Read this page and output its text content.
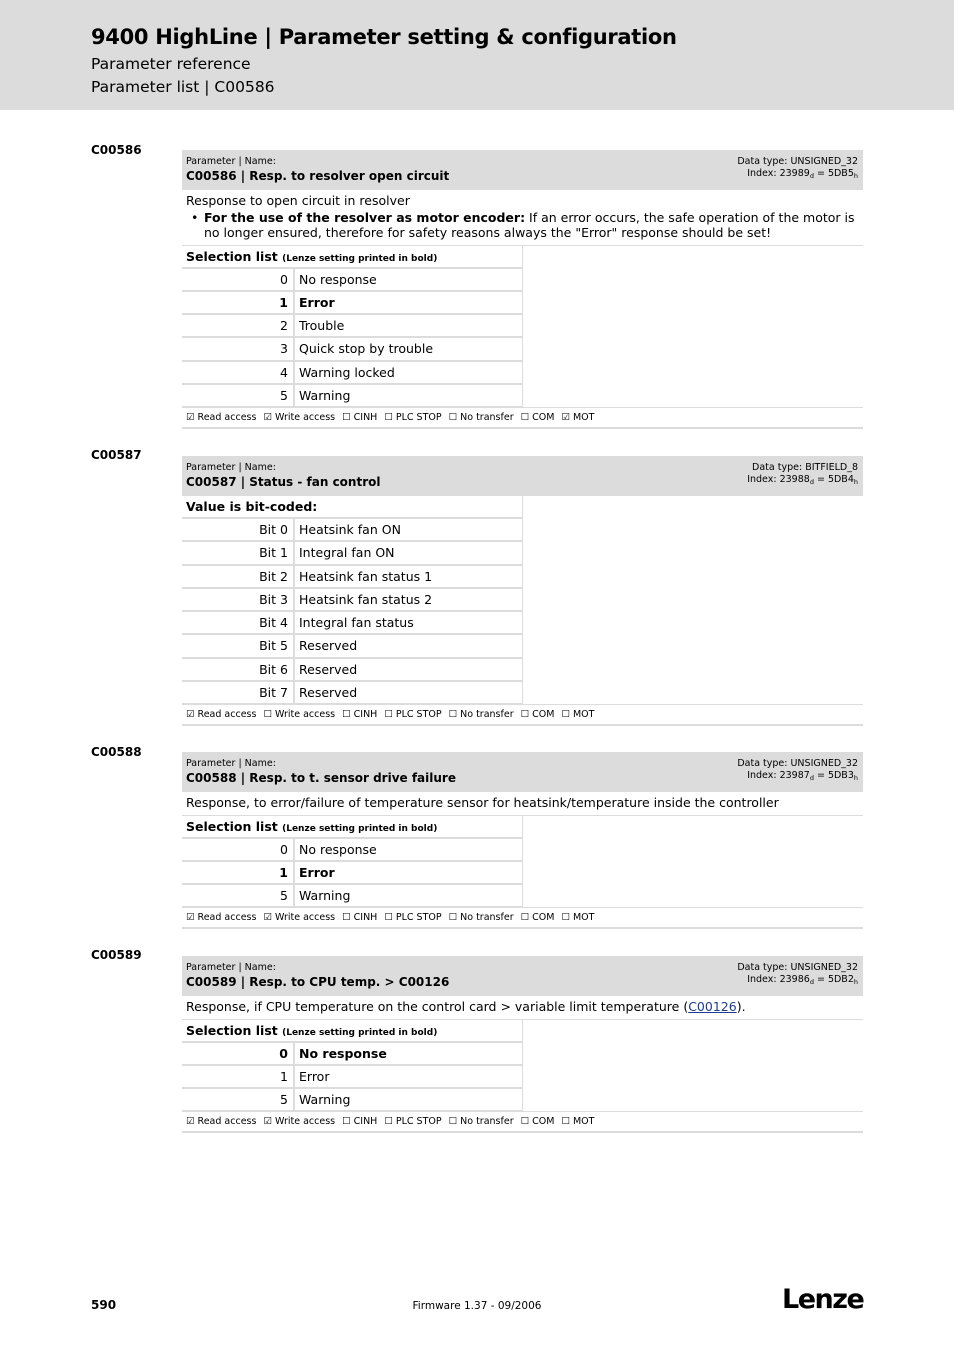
9400 HighLine | Parameter setting & configuration
Parameter reference
Parameter list | C00586
C00586
Parameter | Name:
C00586 | Resp. to resolver open circuit
Data type: UNSIGNED_32
Index: $23989_d = 5DB5_h$
Response to open circuit in resolver
• For the use of the resolver as motor encoder: If an error occurs, the safe operation of the motor is no longer ensured, therefore for safety reasons always the "Error" response should be set!
Selection list (Lenze setting printed in bold)
0 No response
1 Error
2 Trouble
3 Quick stop by trouble
4 Warning locked
5 Warning
☑ Read access ☑ Write access ☐ CINH ☐ PLC STOP ☐ No transfer ☐ COM ☑ MOT
C00587
Parameter | Name:
C00587 | Status - fan control
Data type: BITFIELD_8
Index: $23988_d = 5DB4_h$
Value is bit-coded:
Bit 0 Heatsink fan ON
Bit 1 Integral fan ON
Bit 2 Heatsink fan status 1
Bit 3 Heatsink fan status 2
Bit 4 Integral fan status
Bit 5 Reserved
Bit 6 Reserved
Bit 7 Reserved
☑ Read access ☐ Write access ☐ CINH ☐ PLC STOP ☐ No transfer ☐ COM ☐ MOT
C00588
Parameter | Name:
C00588 | Resp. to t. sensor drive failure
Data type: UNSIGNED_32
Index: $23987_d = 5DB3_h$
Response, to error/failure of temperature sensor for heatsink/temperature inside the controller
Selection list (Lenze setting printed in bold)
0 No response
1 Error
5 Warning
☑ Read access ☑ Write access ☐ CINH ☐ PLC STOP ☐ No transfer ☐ COM ☐ MOT
C00589
Parameter | Name:
C00589 | Resp. to CPU temp. > C00126
Data type: UNSIGNED_32
Index: $23986_d = 5DB2_h$
Response, if CPU temperature on the control card > variable limit temperature (C00126).
Selection list (Lenze setting printed in bold)
0 No response
1 Error
5 Warning
☑ Read access ☑ Write access ☐ CINH ☐ PLC STOP ☐ No transfer ☐ COM ☐ MOT
590	Firmware 1.37 - 09/2006	Lenze
